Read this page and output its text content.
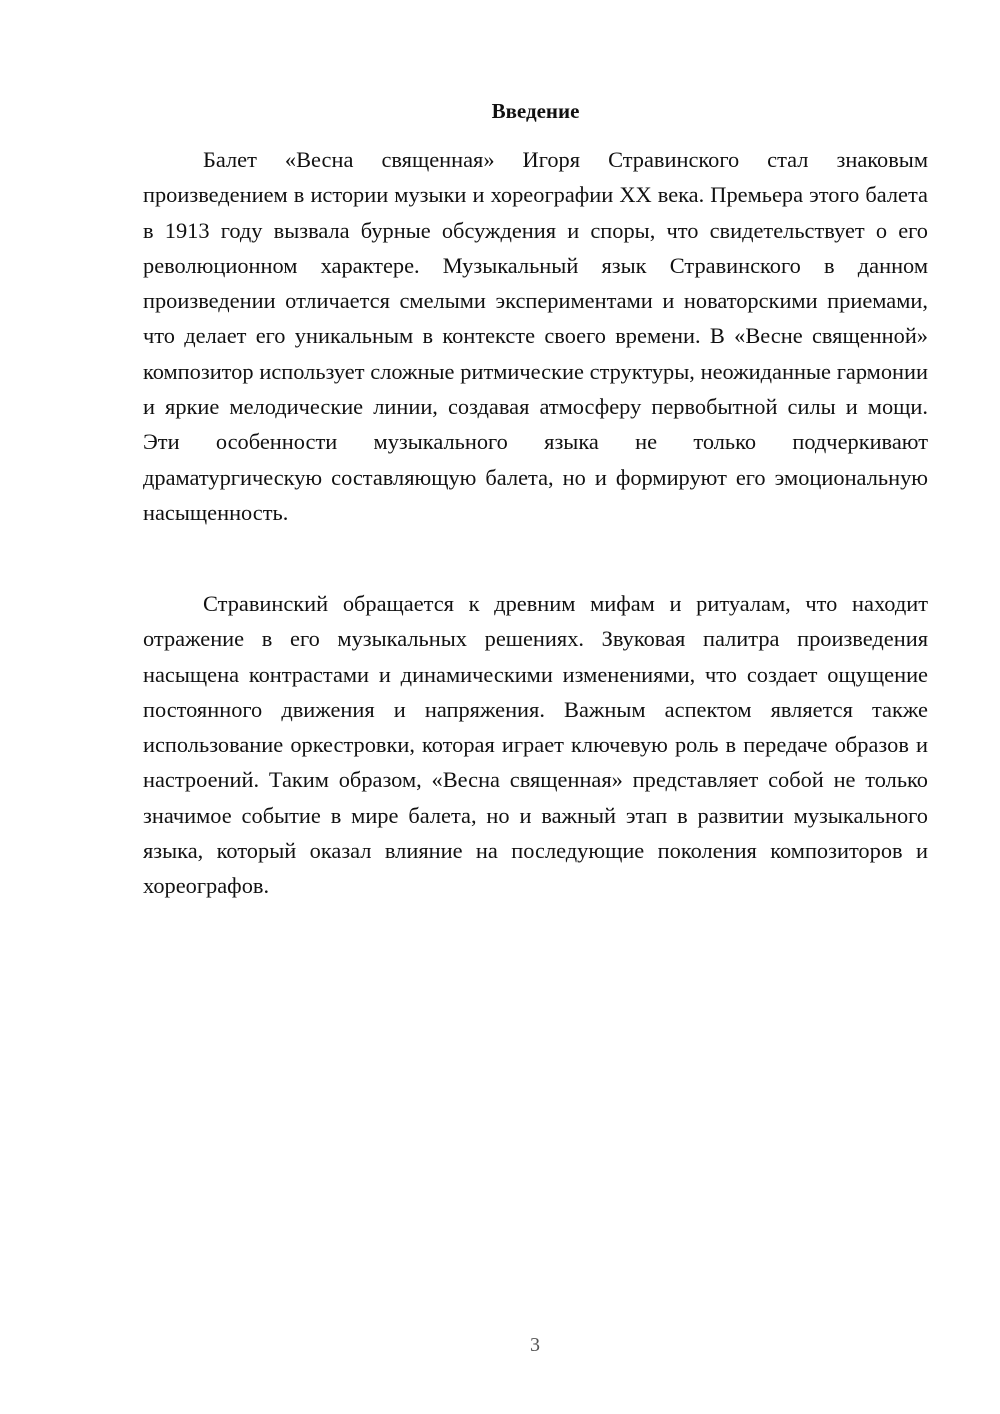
Введение

Балет «Весна священная» Игоря Стравинского стал знаковым произведением в истории музыки и хореографии XX века. Премьера этого балета в 1913 году вызвала бурные обсуждения и споры, что свидетельствует о его революционном характере. Музыкальный язык Стравинского в данном произведении отличается смелыми экспериментами и новаторскими приемами, что делает его уникальным в контексте своего времени. В «Весне священной» композитор использует сложные ритмические структуры, неожиданные гармонии и яркие мелодические линии, создавая атмосферу первобытной силы и мощи. Эти особенности музыкального языка не только подчеркивают драматургическую составляющую балета, но и формируют его эмоциональную насыщенность.

Стравинский обращается к древним мифам и ритуалам, что находит отражение в его музыкальных решениях. Звуковая палитра произведения насыщена контрастами и динамическими изменениями, что создает ощущение постоянного движения и напряжения. Важным аспектом является также использование оркестровки, которая играет ключевую роль в передаче образов и настроений. Таким образом, «Весна священная» представляет собой не только значимое событие в мире балета, но и важный этап в развитии музыкального языка, который оказал влияние на последующие поколения композиторов и хореографов.

3
